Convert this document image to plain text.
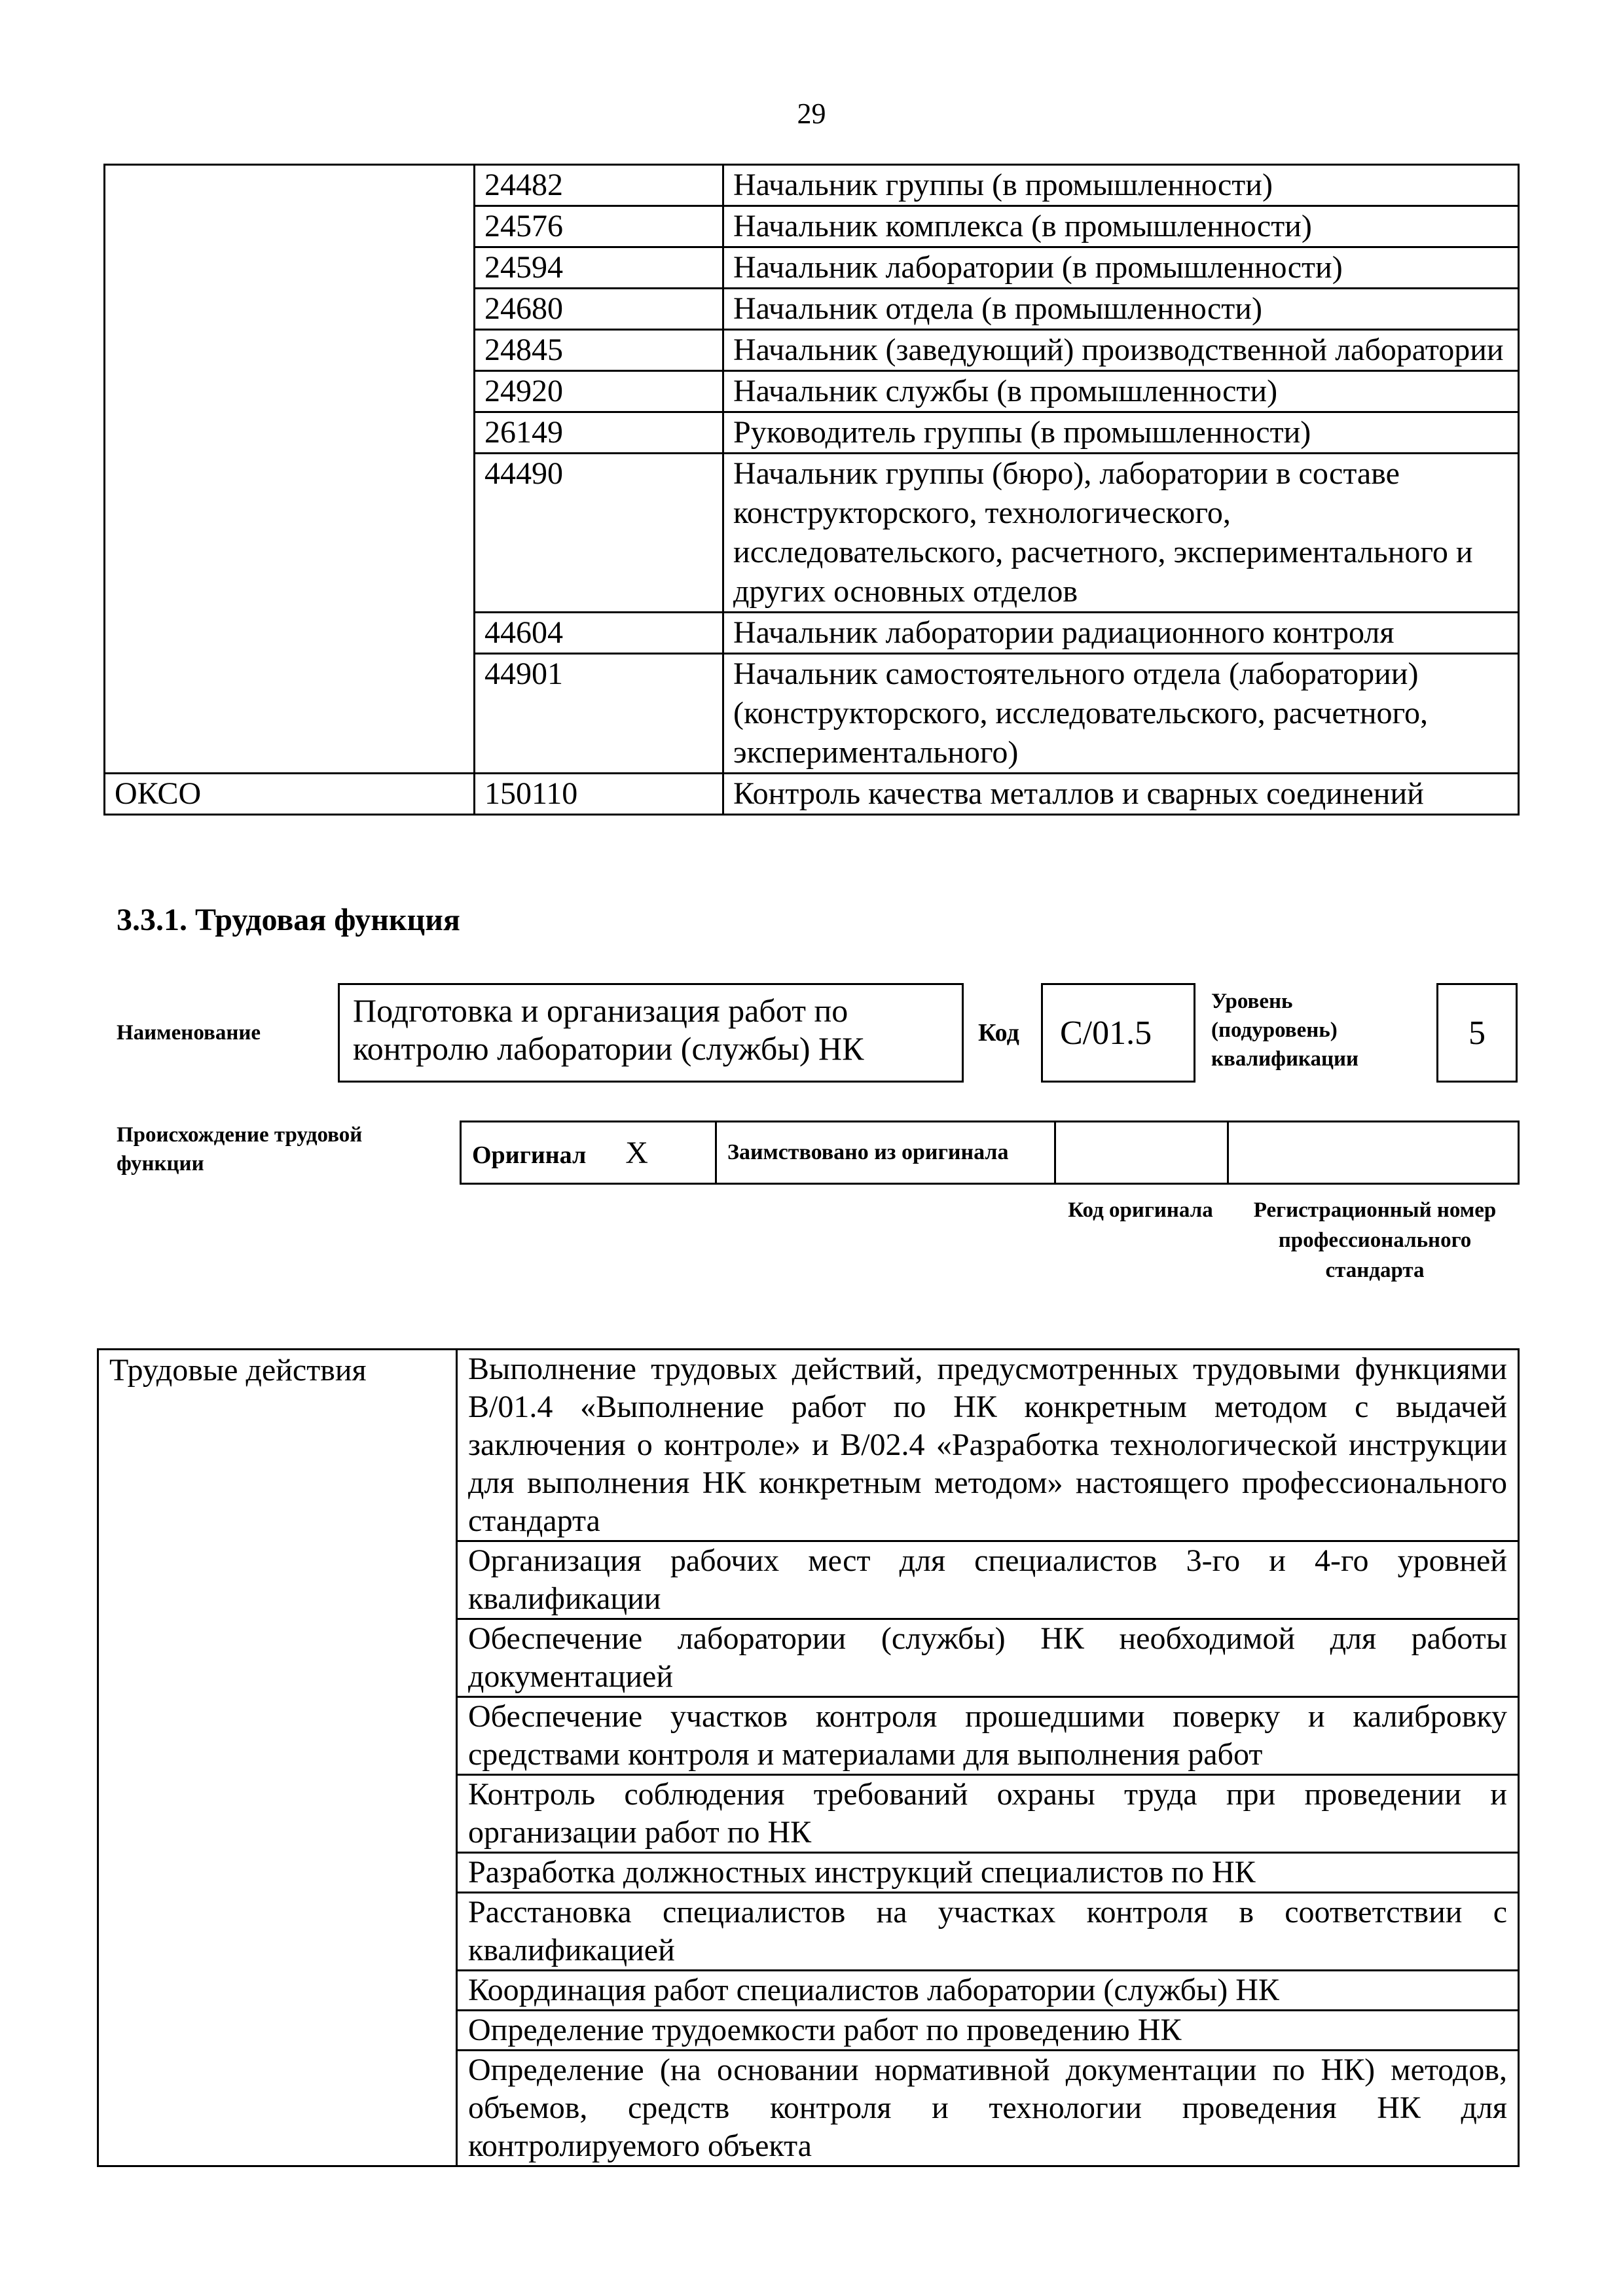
29
	24482	Начальник группы (в промышленности)
	24576	Начальник комплекса (в промышленности)
	24594	Начальник лаборатории (в промышленности)
	24680	Начальник отдела (в промышленности)
	24845	Начальник (заведующий) производственной лаборатории
	24920	Начальник службы (в промышленности)
	26149	Руководитель группы (в промышленности)
	44490	Начальник группы (бюро), лаборатории в составе конструкторского, технологического, исследовательского, расчетного, экспериментального и других основных отделов
	44604	Начальник лаборатории радиационного контроля
	44901	Начальник самостоятельного отдела (лаборатории) (конструкторского, исследовательского, расчетного, экспериментального)
ОКСО	150110	Контроль качества металлов и сварных соединений
3.3.1. Трудовая функция
Наименование
Подготовка и организация работ по контролю лаборатории (службы) НК	Код	C/01.5
Уровень (подуровень) квалификации
5
Происхождение трудовой функции	Оригинал X	Заимствовано из оригинала		
Код оригинала	Регистрационный номер профессионального стандарта
Трудовые действия	Выполнение трудовых действий, предусмотренных трудовыми функциями B/01.4 «Выполнение работ по НК конкретным методом с выдачей заключения о контроле» и B/02.4 «Разработка технологической инструкции для выполнения НК конкретным методом» настоящего профессионального стандарта
Организация рабочих мест для специалистов 3-го и 4-го уровней квалификации
Обеспечение лаборатории (службы) НК необходимой для работы документацией
Обеспечение участков контроля прошедшими поверку и калибровку средствами контроля и материалами для выполнения работ
Контроль соблюдения требований охраны труда при проведении и организации работ по НК
Разработка должностных инструкций специалистов по НК
Расстановка специалистов на участках контроля в соответствии с квалификацией
Координация работ специалистов лаборатории (службы) НК
Определение трудоемкости работ по проведению НК
Определение (на основании нормативной документации по НК) методов, объемов, средств контроля и технологии проведения НК для контролируемого объекта
